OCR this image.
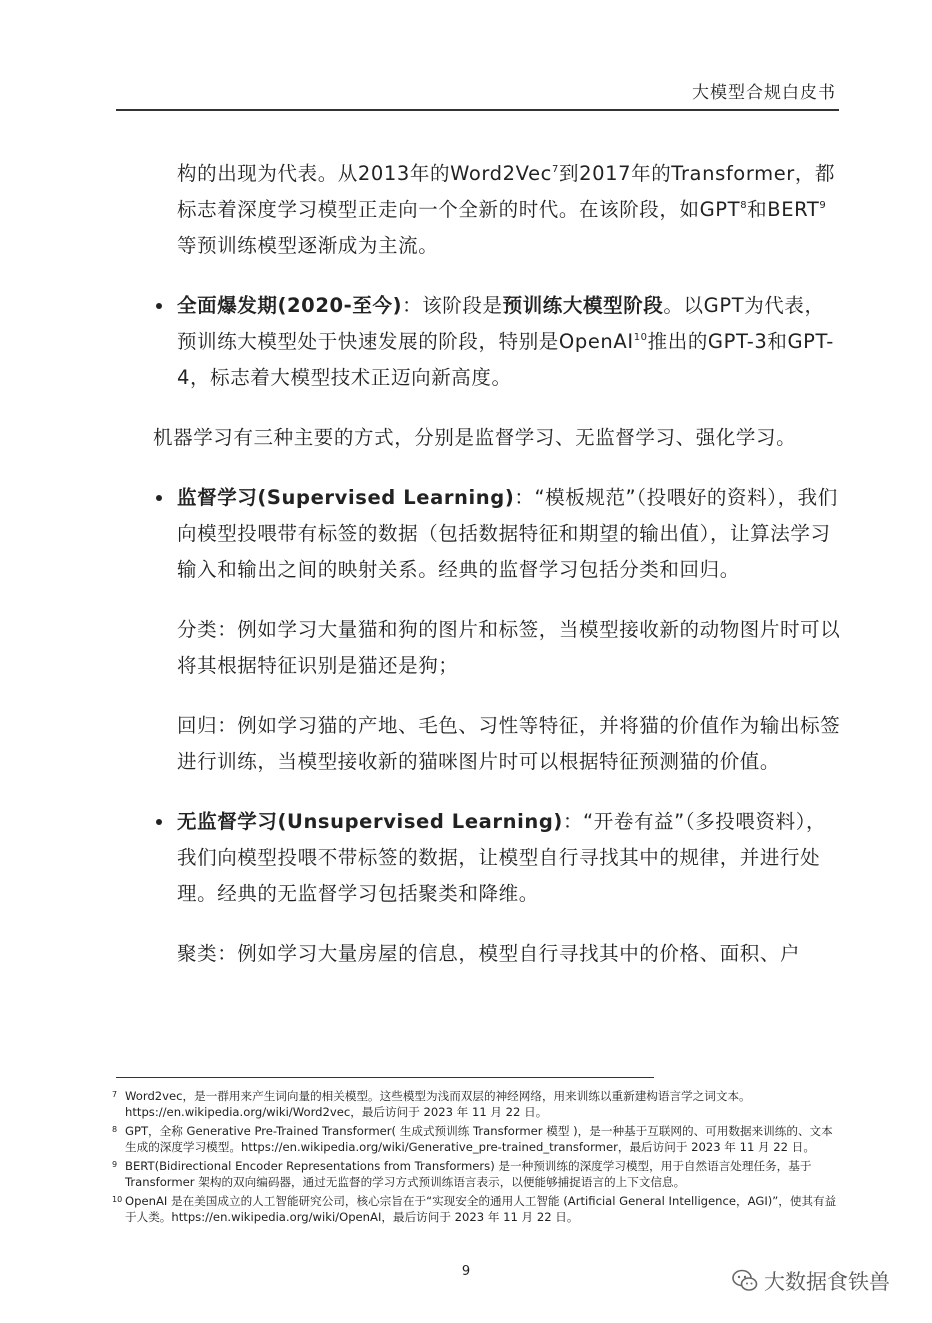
大模型合规白皮书

构的出现为代表。从2013年的Word2Vec$^7$到2017年的Transformer，都标志着深度学习模型正走向一个全新的时代。在该阶段，如GPT$^8$和BERT$^9$等预训练模型逐渐成为主流。

全面爆发期(2020-至今)：该阶段是预训练大模型阶段。以GPT为代表，预训练大模型处于快速发展的阶段，特别是OpenAI$^{10}$推出的GPT-3和GPT-4，标志着大模型技术正迈向新高度。

机器学习有三种主要的方式，分别是监督学习、无监督学习、强化学习。

监督学习(Supervised Learning)：“模板规范”（投喂好的资料），我们向模型投喂带有标签的数据（包括数据特征和期望的输出值），让算法学习输入和输出之间的映射关系。经典的监督学习包括分类和回归。

分类：例如学习大量猫和狗的图片和标签，当模型接收新的动物图片时可以将其根据特征识别是猫还是狗；

回归：例如学习猫的产地、毛色、习性等特征，并将猫的价值作为输出标签进行训练，当模型接收新的猫咪图片时可以根据特征预测猫的价值。

无监督学习(Unsupervised Learning)：“开卷有益”（多投喂资料），我们向模型投喂不带标签的数据，让模型自行寻找其中的规律，并进行处理。经典的无监督学习包括聚类和降维。

聚类：例如学习大量房屋的信息，模型自行寻找其中的价格、面积、户

7 Word2vec，是一群用来产生词向量的相关模型。这些模型为浅而双层的神经网络，用来训练以重新建构语言学之词文本。https://en.wikipedia.org/wiki/Word2vec，最后访问于 2023 年 11 月 22 日。
8 GPT，全称 Generative Pre-Trained Transformer( 生成式预训练 Transformer 模型 )，是一种基于互联网的、可用数据来训练的、文本生成的深度学习模型。https://en.wikipedia.org/wiki/Generative_pre-trained_transformer，最后访问于 2023 年 11 月 22 日。
9 BERT(Bidirectional Encoder Representations from Transformers) 是一种预训练的深度学习模型，用于自然语言处理任务，基于 Transformer 架构的双向编码器，通过无监督的学习方式预训练语言表示，以便能够捕捉语言的上下文信息。
10 OpenAI 是在美国成立的人工智能研究公司，核心宗旨在于“实现安全的通用人工智能 (Artificial General Intelligence，AGI)”，使其有益于人类。https://en.wikipedia.org/wiki/OpenAI，最后访问于 2023 年 11 月 22 日。
9	大数据食铁兽
